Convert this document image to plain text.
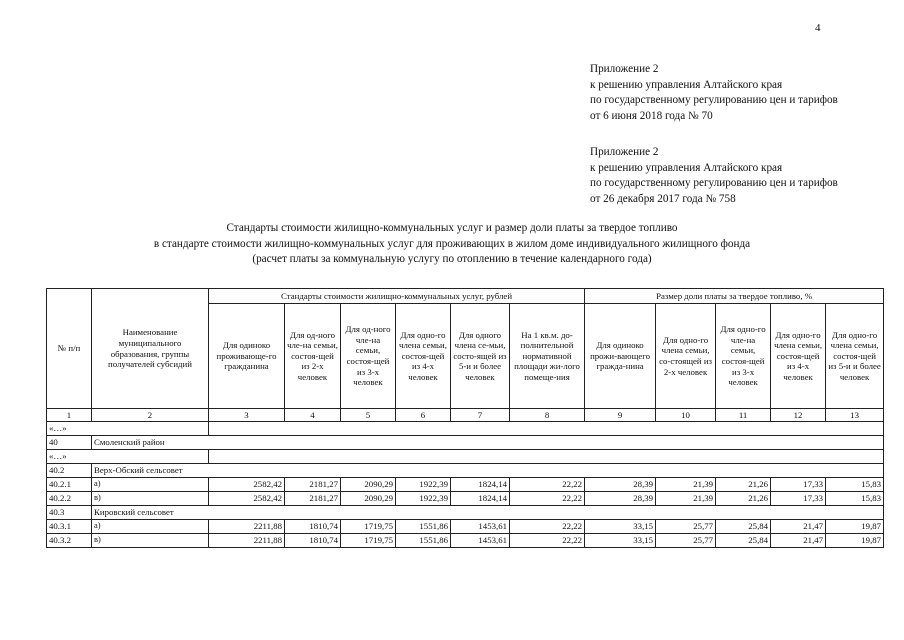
4
Приложение 2
к решению управления Алтайского края
по государственному регулированию цен и тарифов
от 6 июня 2018 года № 70
Приложение 2
к решению управления Алтайского края
по государственному регулированию цен и тарифов
от 26 декабря 2017 года № 758
Стандарты стоимости жилищно-коммунальных услуг и размер доли платы за твердое топливо
в стандарте стоимости жилищно-коммунальных услуг для проживающих в жилом доме индивидуального жилищного фонда
(расчет платы за коммунальную услугу по отоплению в течение календарного года)
№ п/п	Наименование муниципального образования, группы получателей субсидий	Стандарты стоимости жилищно-коммунальных услуг, рублей						Размер доли платы за твердое топливо, %				
		Для одиноко проживающе-го гражданина	Для од-ного чле-на семьи, состоя-щей из 2-х человек	Для од-ного чле-на семьи, состоя-щей из 3-х человек	Для одно-го члена семьи, состоя-щей из 4-х человек	Для одного члена се-мьи, состо-ящей из 5-и и более человек	На 1 кв.м. до-полнительной нормативной площади жи-лого помеще-ния	Для одиноко прожи-вающего гражда-нина	Для одно-го члена семьи, со-стоящей из 2-х человек	Для одно-го чле-на семьи, состоя-щей из 3-х человек	Для одно-го члена семьи, состоя-щей из 4-х человек	Для одно-го члена семьи, состоя-щей из 5-и и более человек
1	2	3	4	5	6	7	8	9	10	11	12	13
«…»												
40	Смоленский район											
«…»												
40.2	Верх-Обский сельсовет											
40.2.1	а)	2582,42	2181,27	2090,29	1922,39	1824,14	22,22	28,39	21,39	21,26	17,33	15,83
40.2.2	в)	2582,42	2181,27	2090,29	1922,39	1824,14	22,22	28,39	21,39	21,26	17,33	15,83
40.3	Кировский сельсовет											
40.3.1	а)	2211,88	1810,74	1719,75	1551,86	1453,61	22,22	33,15	25,77	25,84	21,47	19,87
40.3.2	в)	2211,88	1810,74	1719,75	1551,86	1453,61	22,22	33,15	25,77	25,84	21,47	19,87
